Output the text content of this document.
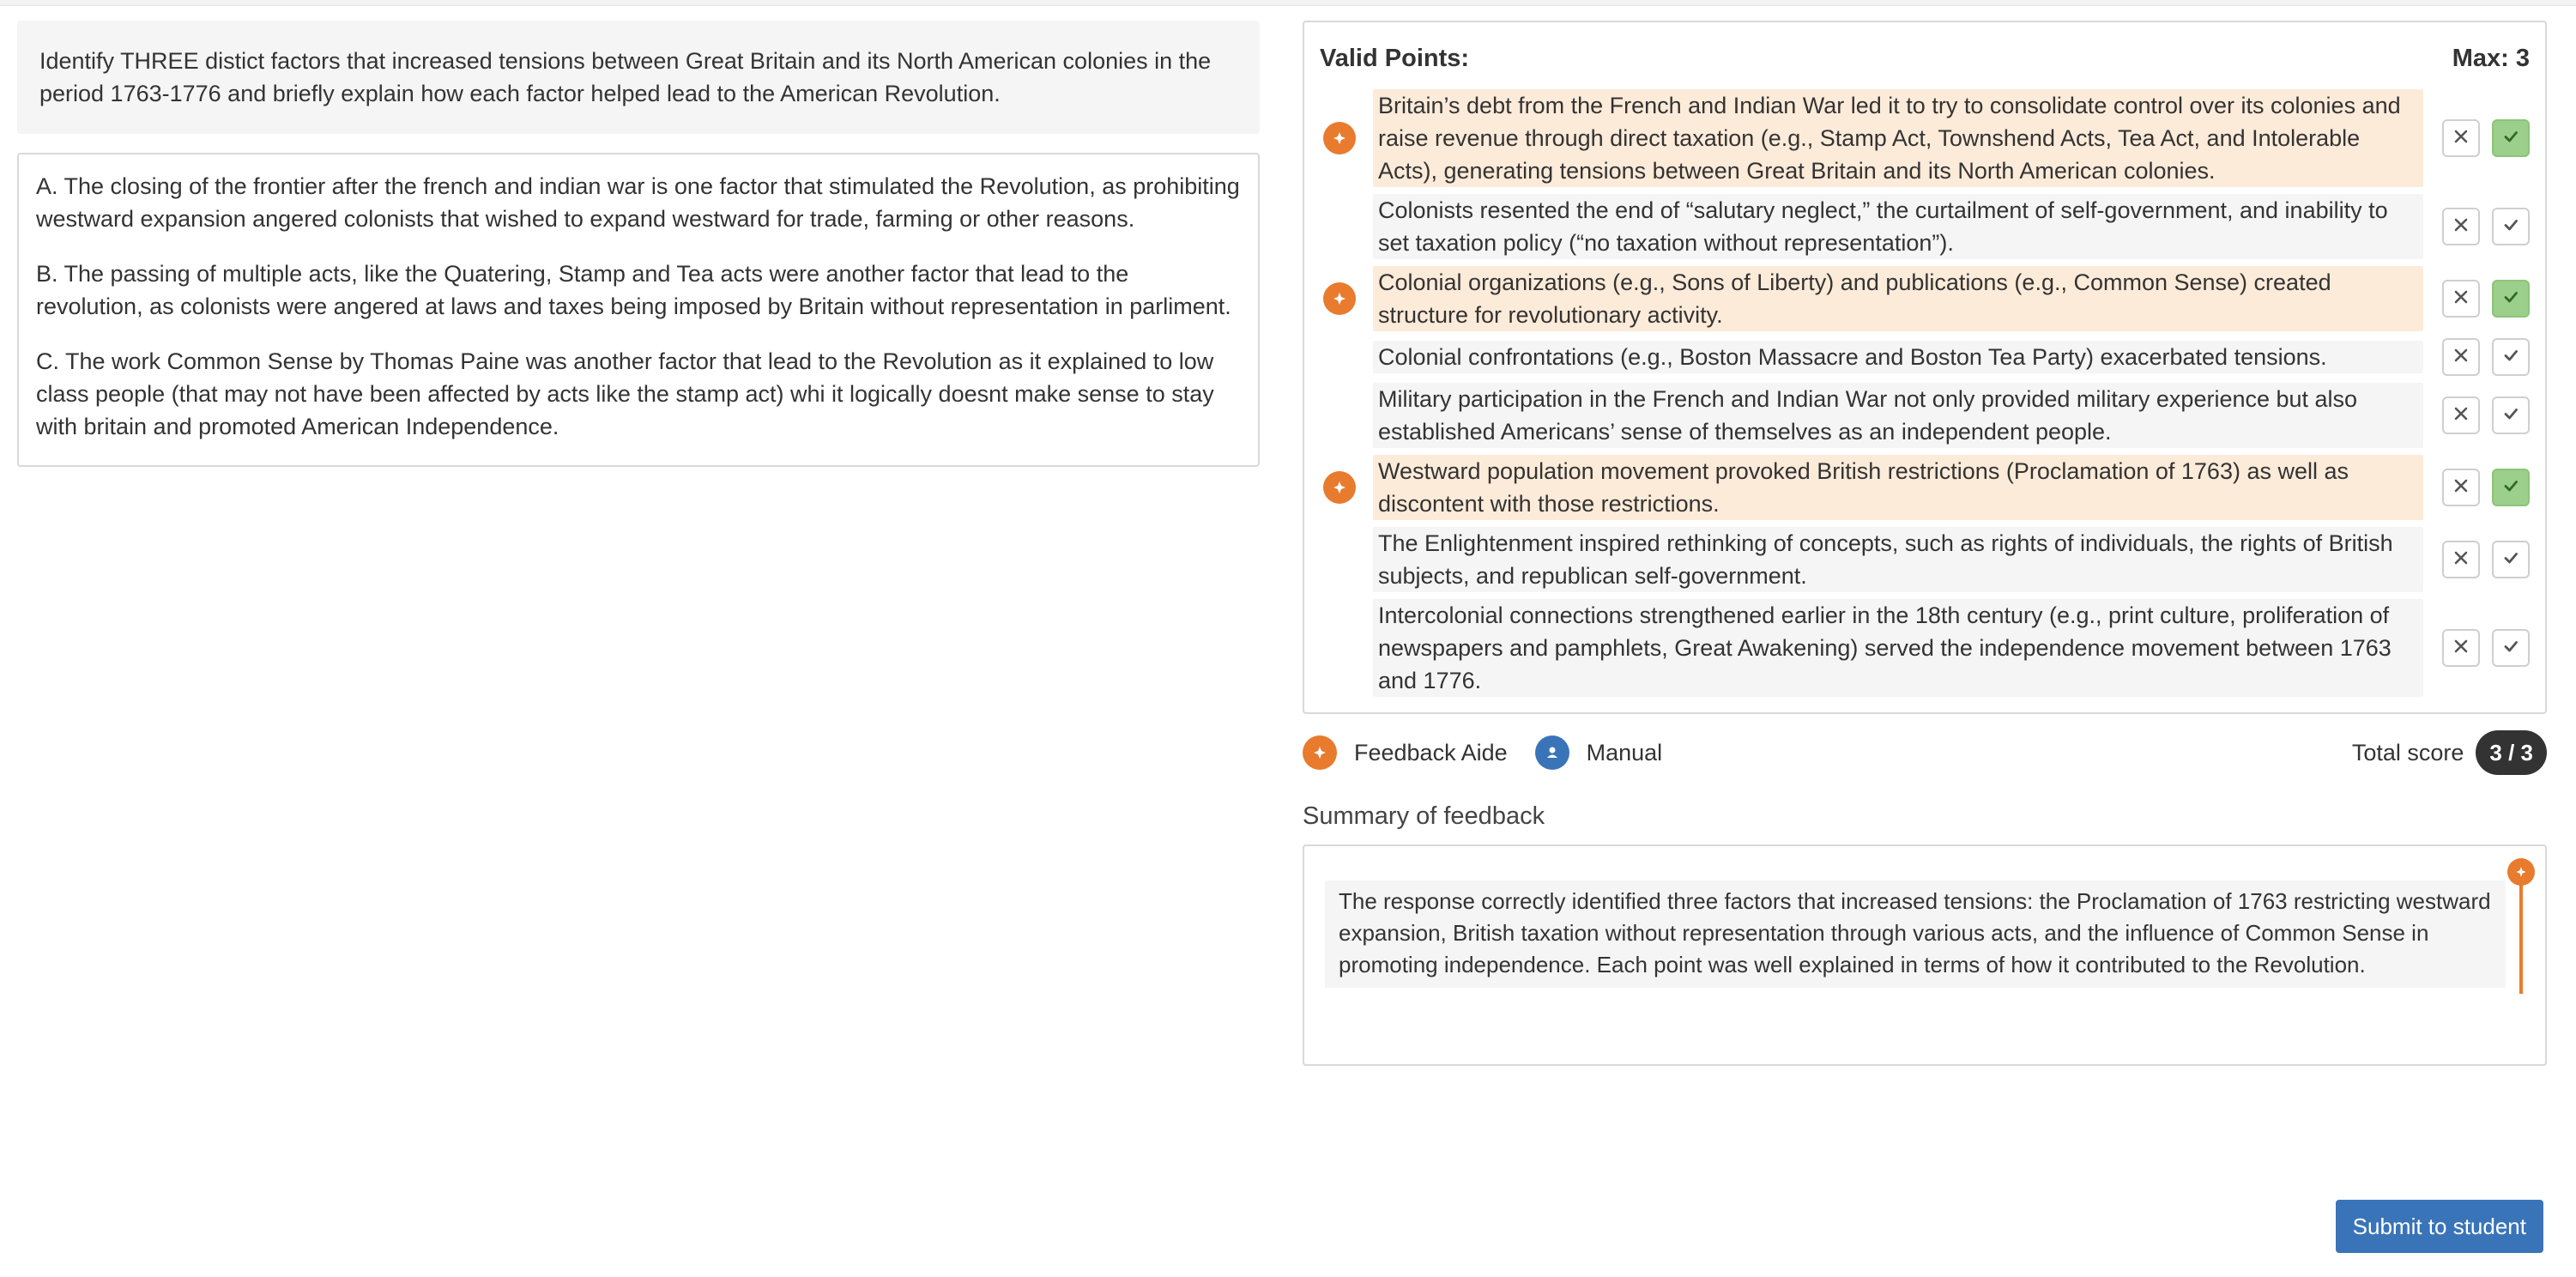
Identify THREE distict factors that increased tensions between Great Britain and its North American colonies in the period 1763-1776 and briefly explain how each factor helped lead to the American Revolution.

A. The closing of the frontier after the french and indian war is one factor that stimulated the Revolution, as prohibiting westward expansion angered colonists that wished to expand westward for trade, farming or other reasons.

B. The passing of multiple acts, like the Quatering, Stamp and Tea acts were another factor that lead to the revolution, as colonists were angered at laws and taxes being imposed by Britain without representation in parliment.

C. The work Common Sense by Thomas Paine was another factor that lead to the Revolution as it explained to low class people (that may not have been affected by acts like the stamp act) whi it logically doesnt make sense to stay with britain and promoted American Independence.

Valid Points:	Max: 3
Britain’s debt from the French and Indian War led it to try to consolidate control over its colonies and raise revenue through direct taxation (e.g., Stamp Act, Townshend Acts, Tea Act, and Intolerable Acts), generating tensions between Great Britain and its North American colonies.
Colonists resented the end of “salutary neglect,” the curtailment of self-government, and inability to set taxation policy (“no taxation without representation”).
Colonial organizations (e.g., Sons of Liberty) and publications (e.g., Common Sense) created structure for revolutionary activity.
Colonial confrontations (e.g., Boston Massacre and Boston Tea Party) exacerbated tensions.
Military participation in the French and Indian War not only provided military experience but also established Americans’ sense of themselves as an independent people.
Westward population movement provoked British restrictions (Proclamation of 1763) as well as discontent with those restrictions.
The Enlightenment inspired rethinking of concepts, such as rights of individuals, the rights of British subjects, and republican self-government.
Intercolonial connections strengthened earlier in the 18th century (e.g., print culture, proliferation of newspapers and pamphlets, Great Awakening) served the independence movement between 1763 and 1776.
Feedback Aide	Manual	Total score	3 / 3
Summary of feedback
The response correctly identified three factors that increased tensions: the Proclamation of 1763 restricting westward expansion, British taxation without representation through various acts, and the influence of Common Sense in promoting independence. Each point was well explained in terms of how it contributed to the Revolution.
Submit to student
